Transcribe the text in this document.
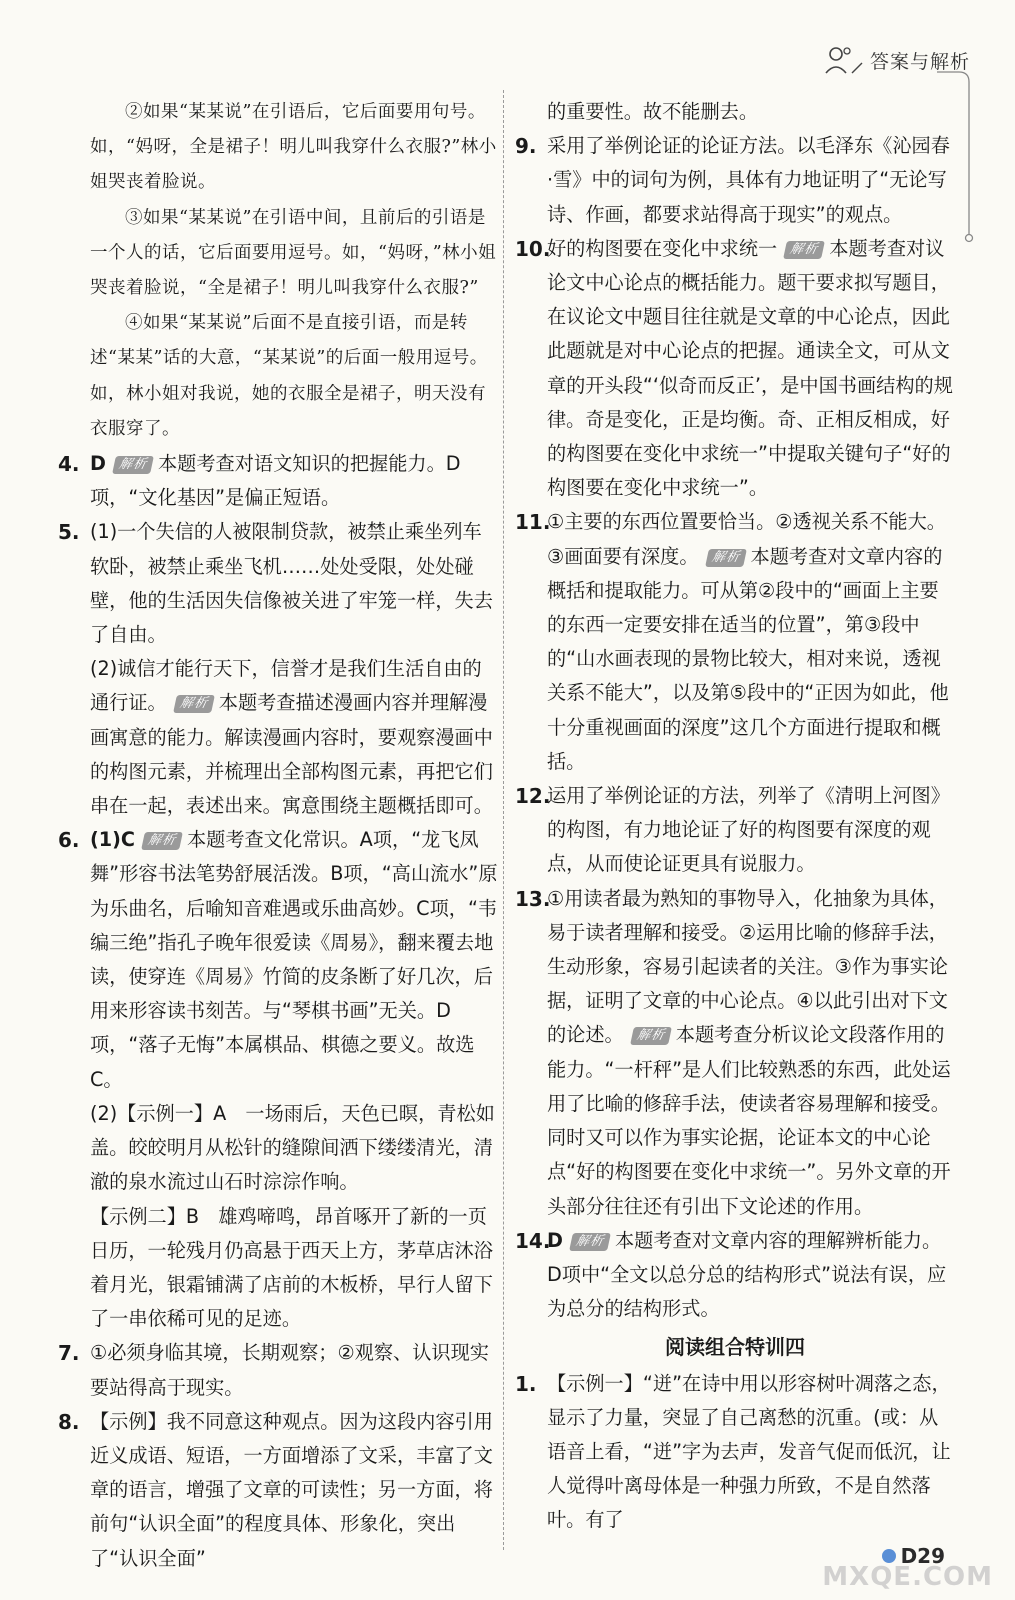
答案与解析

②如果“某某说”在引语后，它后面要用句号。如，“妈呀，全是裙子！明儿叫我穿什么衣服?”林小姐哭丧着脸说。

③如果“某某说”在引语中间，且前后的引语是一个人的话，它后面要用逗号。如，“妈呀，”林小姐哭丧着脸说，“全是裙子！明儿叫我穿什么衣服?”

④如果“某某说”后面不是直接引语，而是转述“某某”话的大意，“某某说”的后面一般用逗号。如，林小姐对我说，她的衣服全是裙子，明天没有衣服穿了。

4. D 解析 本题考查对语文知识的把握能力。D项，“文化基因”是偏正短语。
5. (1)一个失信的人被限制贷款，被禁止乘坐列车软卧，被禁止乘坐飞机……处处受限，处处碰壁，他的生活因失信像被关进了牢笼一样，失去了自由。

(2)诚信才能行天下，信誉才是我们生活自由的通行证。 解析 本题考查描述漫画内容并理解漫画寓意的能力。解读漫画内容时，要观察漫画中的构图元素，并梳理出全部构图元素，再把它们串在一起，表述出来。寓意围绕主题概括即可。

6. (1)C 解析 本题考查文化常识。A项，“龙飞凤舞”形容书法笔势舒展活泼。B项，“高山流水”原为乐曲名，后喻知音难遇或乐曲高妙。C项，“韦编三绝”指孔子晚年很爱读《周易》，翻来覆去地读，使穿连《周易》竹简的皮条断了好几次，后用来形容读书刻苦。与“琴棋书画”无关。D项，“落子无悔”本属棋品、棋德之要义。故选C。

(2)【示例一】A　一场雨后，天色已暝，青松如盖。皎皎明月从松针的缝隙间洒下缕缕清光，清澈的泉水流过山石时淙淙作响。

【示例二】B　雄鸡啼鸣，昂首啄开了新的一页日历，一轮残月仍高悬于西天上方，茅草店沐浴着月光，银霜铺满了店前的木板桥，早行人留下了一串依稀可见的足迹。

7. ①必须身临其境，长期观察；②观察、认识现实要站得高于现实。
8. 【示例】我不同意这种观点。因为这段内容引用近义成语、短语，一方面增添了文采，丰富了文章的语言，增强了文章的可读性；另一方面，将前句“认识全面”的程度具体、形象化，突出了“认识全面”

的重要性。故不能删去。

9. 采用了举例论证的论证方法。以毛泽东《沁园春·雪》中的词句为例，具体有力地证明了“无论写诗、作画，都要求站得高于现实”的观点。
10.
好的构图要在变化中求统一 解析 本题考查对议论文中心论点的概括能力。题干要求拟写题目，在议论文中题目往往就是文章的中心论点，因此此题就是对中心论点的把握。通读全文，可从文章的开头段“‘似奇而反正’，是中国书画结构的规律。奇是变化，正是均衡。奇、正相反相成，好的构图要在变化中求统一”中提取关键句子“好的构图要在变化中求统一”。
11.
①主要的东西位置要恰当。②透视关系不能大。③画面要有深度。 解析 本题考查对文章内容的概括和提取能力。可从第②段中的“画面上主要的东西一定要安排在适当的位置”，第③段中的“山水画表现的景物比较大，相对来说，透视关系不能大”，以及第⑤段中的“正因为如此，他十分重视画面的深度”这几个方面进行提取和概括。
12.
运用了举例论证的方法，列举了《清明上河图》的构图，有力地论证了好的构图要有深度的观点，从而使论证更具有说服力。
13.
①用读者最为熟知的事物导入，化抽象为具体，易于读者理解和接受。②运用比喻的修辞手法，生动形象，容易引起读者的关注。③作为事实论据，证明了文章的中心论点。④以此引出对下文的论述。 解析 本题考查分析议论文段落作用的能力。“一杆秤”是人们比较熟悉的东西，此处运用了比喻的修辞手法，使读者容易理解和接受。同时又可以作为事实论据，论证本文的中心论点“好的构图要在变化中求统一”。另外文章的开头部分往往还有引出下文论述的作用。
14.
D 解析 本题考查对文章内容的理解辨析能力。D项中“全文以总分总的结构形式”说法有误，应为总分的结构形式。
阅读组合特训四
1. 【示例一】“迸”在诗中用以形容树叶凋落之态，显示了力量，突显了自己离愁的沉重。(或：从语音上看，“迸”字为去声，发音气促而低沉，让人觉得叶离母体是一种强力所致，不是自然落叶。有了
D29
MXQE.COM
